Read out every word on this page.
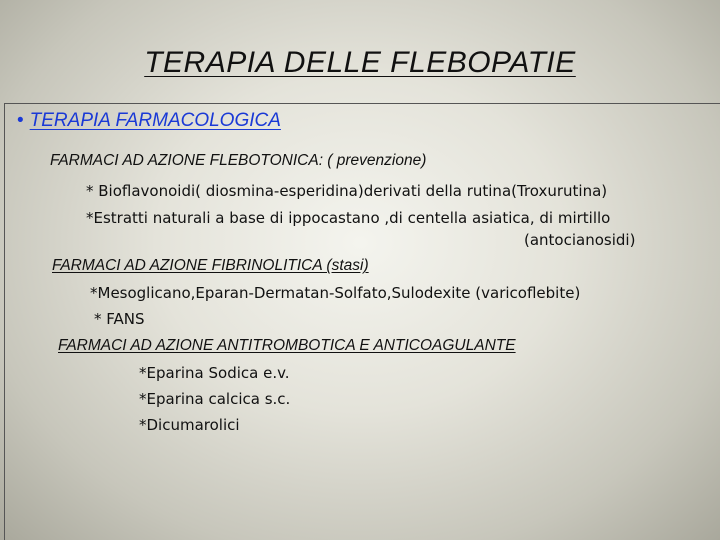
TERAPIA DELLE FLEBOPATIE
• TERAPIA FARMACOLOGICA
FARMACI AD AZIONE FLEBOTONICA: ( prevenzione)
* Bioflavonoidi( diosmina-esperidina)derivati della rutina(Troxurutina)
*Estratti naturali a base di ippocastano ,di centella asiatica, di mirtillo
(antocianosidi)
FARMACI AD AZIONE FIBRINOLITICA (stasi)
*Mesoglicano,Eparan-Dermatan-Solfato,Sulodexite (varicoflebite)
* FANS
FARMACI AD AZIONE ANTITROMBOTICA E ANTICOAGULANTE
*Eparina Sodica e.v.
*Eparina calcica s.c.
*Dicumarolici
